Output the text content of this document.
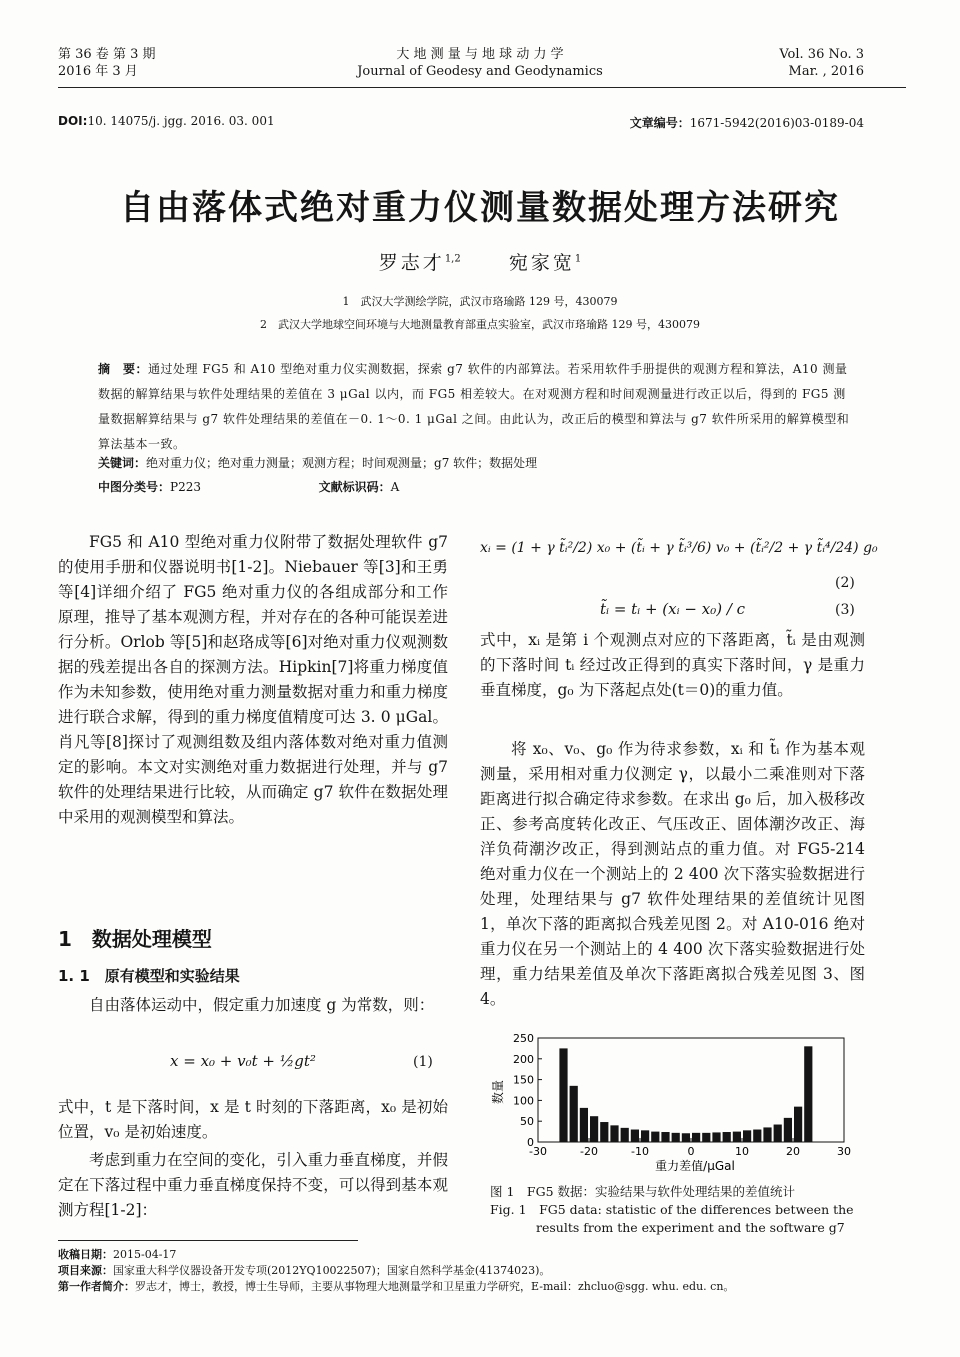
第 36 卷 第 3 期
2016 年 3 月
大 地 测 量 与 地 球 动 力 学
Journal of Geodesy and Geodynamics
Vol. 36 No. 3
Mar. , 2016
DOI:10. 14075/j. jgg. 2016. 03. 001	文章编号：1671-5942(2016)03-0189-04
自由落体式绝对重力仪测量数据处理方法研究
罗志才$^{1,2}$	宛家宽$^1$
1　武汉大学测绘学院，武汉市珞瑜路 129 号，430079
2　武汉大学地球空间环境与大地测量教育部重点实验室，武汉市珞瑜路 129 号，430079
摘　要：通过处理 FG5 和 A10 型绝对重力仪实测数据，探索 g7 软件的内部算法。若采用软件手册提供的观测方程和算法，A10 测量数据的解算结果与软件处理结果的差值在 3 μGal 以内，而 FG5 相差较大。在对观测方程和时间观测量进行改正以后，得到的 FG5 测量数据解算结果与 g7 软件处理结果的差值在－0. 1～0. 1 μGal 之间。由此认为，改正后的模型和算法与 g7 软件所采用的解算模型和算法基本一致。
关键词：绝对重力仪；绝对重力测量；观测方程；时间观测量；g7 软件；数据处理
中图分类号：P223	文献标识码：A

FG5 和 A10 型绝对重力仪附带了数据处理软件 g7 的使用手册和仪器说明书[1-2]。Niebauer 等[3]和王勇等[4]详细介绍了 FG5 绝对重力仪的各组成部分和工作原理，推导了基本观测方程，并对存在的各种可能误差进行分析。Orlob 等[5]和赵珞成等[6]对绝对重力仪观测数据的残差提出各自的探测方法。Hipkin[7]将重力梯度值作为未知参数，使用绝对重力测量数据对重力和重力梯度进行联合求解，得到的重力梯度值精度可达 3. 0 μGal。肖凡等[8]探讨了观测组数及组内落体数对绝对重力值测定的影响。本文对实测绝对重力数据进行处理，并与 g7 软件的处理结果进行比较，从而确定 g7 软件在数据处理中采用的观测模型和算法。

1　数据处理模型
1. 1　原有模型和实验结果

自由落体运动中，假定重力加速度 g 为常数，则：

x = x₀ + v₀t + ½gt²	(1)

式中，t 是下落时间，x 是 t 时刻的下落距离，x₀ 是初始位置，v₀ 是初始速度。

考虑到重力在空间的变化，引入重力垂直梯度，并假定在下落过程中重力垂直梯度保持不变，可以得到基本观测方程[1-2]：

xᵢ = (1 + γ t̃ᵢ²/2) x₀ + (t̃ᵢ + γ t̃ᵢ³/6) v₀ + (t̃ᵢ²/2 + γ t̃ᵢ⁴/24) g₀
(2)
t̃ᵢ = tᵢ + (xᵢ − x₀) / c	(3)

式中，xᵢ 是第 i 个观测点对应的下落距离，t̃ᵢ 是由观测的下落时间 tᵢ 经过改正得到的真实下落时间，γ 是重力垂直梯度，g₀ 为下落起点处(t＝0)的重力值。

将 x₀、v₀、g₀ 作为待求参数，xᵢ 和 t̃ᵢ 作为基本观测量，采用相对重力仪测定 γ，以最小二乘准则对下落距离进行拟合确定待求参数。在求出 g₀ 后，加入极移改正、参考高度转化改正、气压改正、固体潮汐改正、海洋负荷潮汐改正，得到测站点的重力值。对 FG5-214 绝对重力仪在一个测站上的 2 400 次下落实验数据进行处理，处理结果与 g7 软件处理结果的差值统计见图 1，单次下落的距离拟合残差见图 2。对 A10-016 绝对重力仪在另一个测站上的 4 400 次下落实验数据进行处理，重力结果差值及单次下落距离拟合残差见图 3、图 4。

-30	-20	-10	0	10	20	30
0
50
100
150
200
250
数量
重力差值/μGal
图 1　FG5 数据：实验结果与软件处理结果的差值统计
Fig. 1　FG5 data: statistic of the differences between the
results from the experiment and the software g7
收稿日期：2015-04-17
项目来源：国家重大科学仪器设备开发专项(2012YQ10022507)；国家自然科学基金(41374023)。
第一作者简介：罗志才，博士，教授，博士生导师，主要从事物理大地测量学和卫星重力学研究，E-mail：zhcluo@sgg. whu. edu. cn。
